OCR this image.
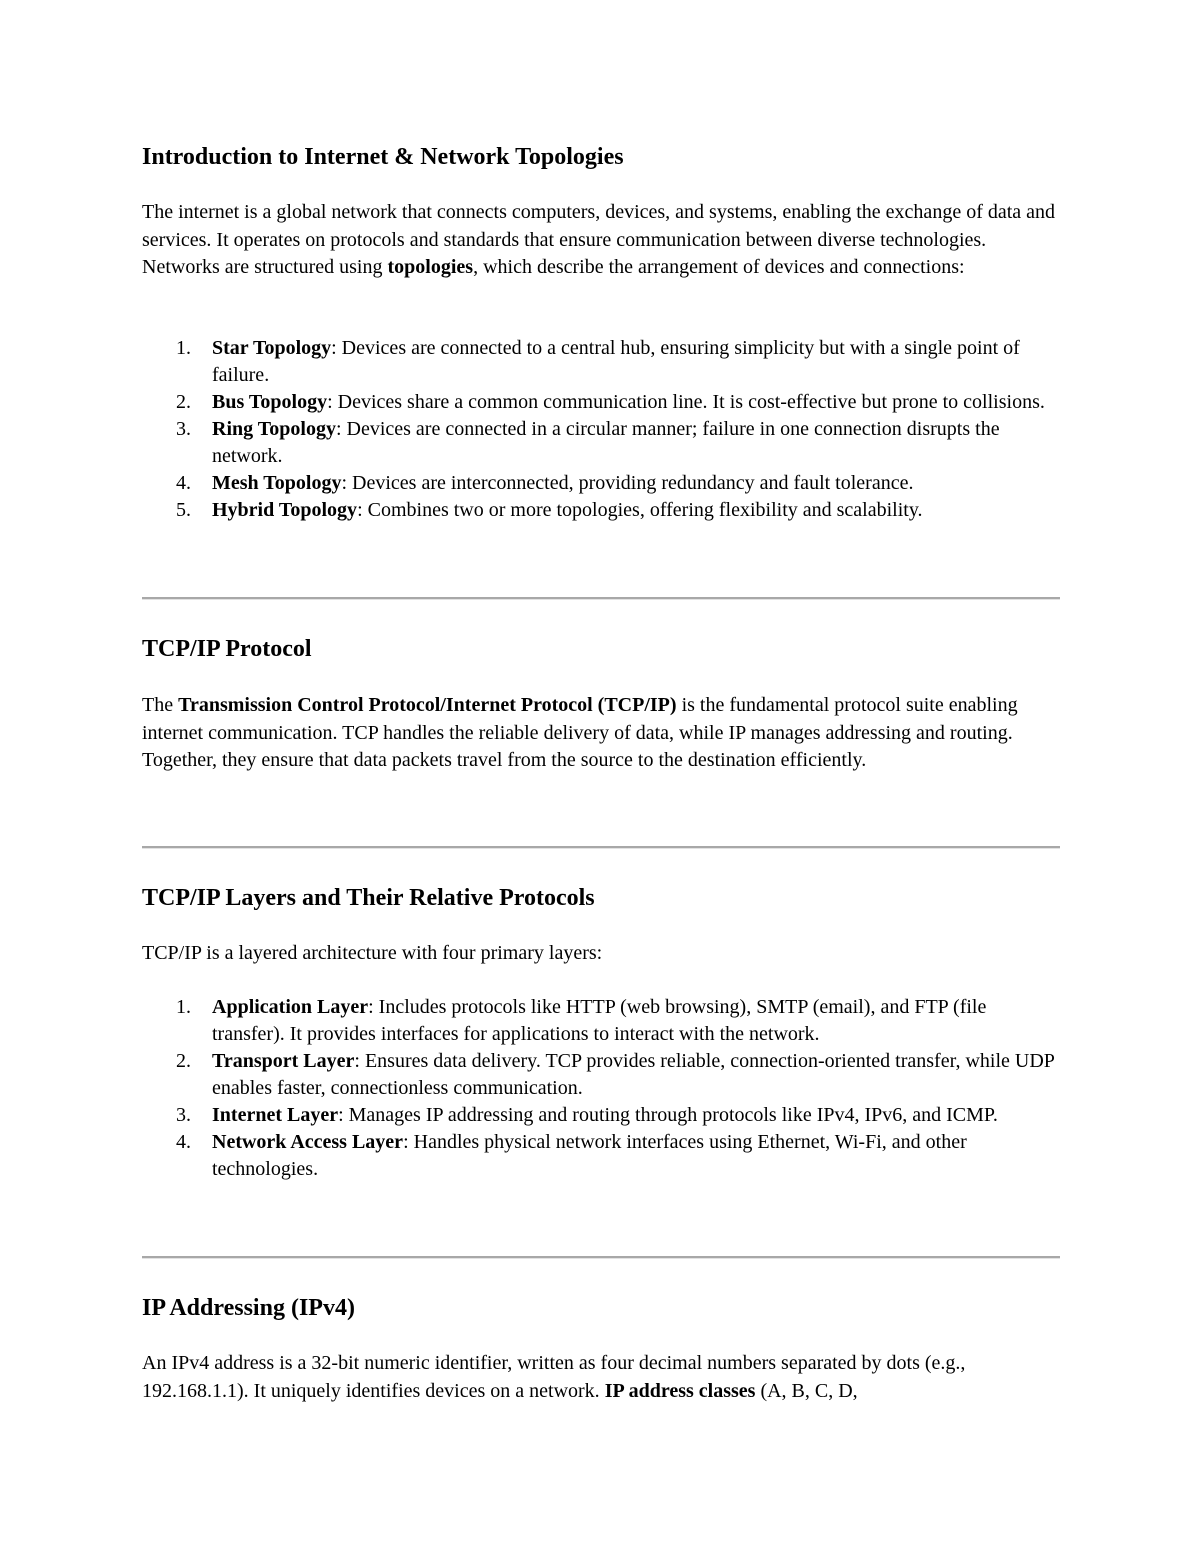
Introduction to Internet & Network Topologies

The internet is a global network that connects computers, devices, and systems, enabling the exchange of data and services. It operates on protocols and standards that ensure communication between diverse technologies. Networks are structured using topologies, which describe the arrangement of devices and connections:

1. Star Topology: Devices are connected to a central hub, ensuring simplicity but with a single point of failure.
2. Bus Topology: Devices share a common communication line. It is cost-effective but prone to collisions.
3. Ring Topology: Devices are connected in a circular manner; failure in one connection disrupts the network.
4. Mesh Topology: Devices are interconnected, providing redundancy and fault tolerance.
5. Hybrid Topology: Combines two or more topologies, offering flexibility and scalability.
TCP/IP Protocol

The Transmission Control Protocol/Internet Protocol (TCP/IP) is the fundamental protocol suite enabling internet communication. TCP handles the reliable delivery of data, while IP manages addressing and routing. Together, they ensure that data packets travel from the source to the destination efficiently.

TCP/IP Layers and Their Relative Protocols

TCP/IP is a layered architecture with four primary layers:

1. Application Layer: Includes protocols like HTTP (web browsing), SMTP (email), and FTP (file transfer). It provides interfaces for applications to interact with the network.
2. Transport Layer: Ensures data delivery. TCP provides reliable, connection-oriented transfer, while UDP enables faster, connectionless communication.
3. Internet Layer: Manages IP addressing and routing through protocols like IPv4, IPv6, and ICMP.
4. Network Access Layer: Handles physical network interfaces using Ethernet, Wi-Fi, and other technologies.
IP Addressing (IPv4)

An IPv4 address is a 32-bit numeric identifier, written as four decimal numbers separated by dots (e.g., 192.168.1.1). It uniquely identifies devices on a network. IP address classes (A, B, C, D,
